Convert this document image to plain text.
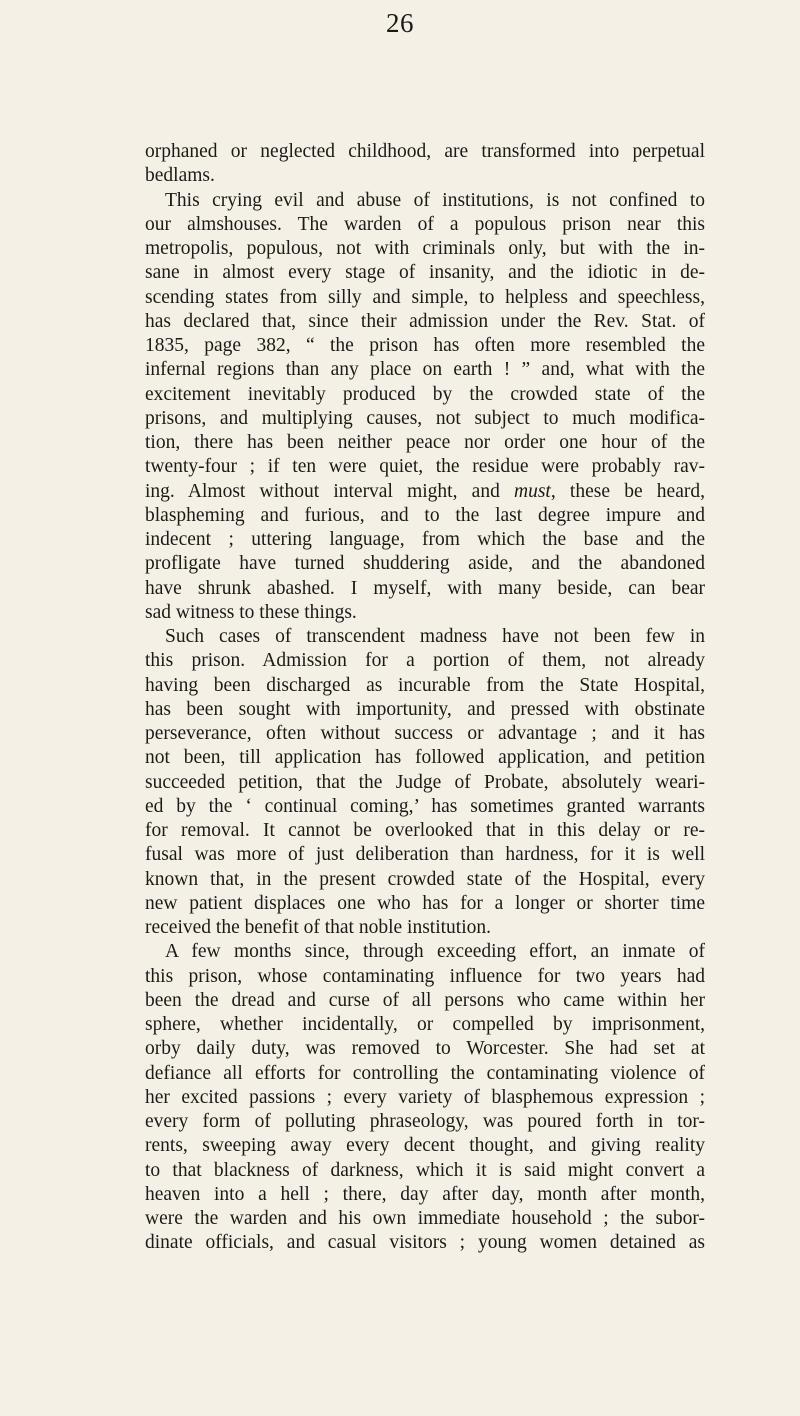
26
orphaned or neglected childhood, are transformed into perpetual
bedlams.
This crying evil and abuse of institutions, is not confined to
our almshouses. The warden of a populous prison near this
metropolis, populous, not with criminals only, but with the in-
sane in almost every stage of insanity, and the idiotic in de-
scending states from silly and simple, to helpless and speechless,
has declared that, since their admission under the Rev. Stat. of
1835, page 382, “ the prison has often more resembled the
infernal regions than any place on earth ! ” and, what with the
excitement inevitably produced by the crowded state of the
prisons, and multiplying causes, not subject to much modifica-
tion, there has been neither peace nor order one hour of the
twenty-four ; if ten were quiet, the residue were probably rav-
ing. Almost without interval might, and must, these be heard,
blaspheming and furious, and to the last degree impure and
indecent ; uttering language, from which the base and the
profligate have turned shuddering aside, and the abandoned
have shrunk abashed. I myself, with many beside, can bear
sad witness to these things.
Such cases of transcendent madness have not been few in
this prison. Admission for a portion of them, not already
having been discharged as incurable from the State Hospital,
has been sought with importunity, and pressed with obstinate
perseverance, often without success or advantage ; and it has
not been, till application has followed application, and petition
succeeded petition, that the Judge of Probate, absolutely weari-
ed by the ‘ continual coming,’ has sometimes granted warrants
for removal. It cannot be overlooked that in this delay or re-
fusal was more of just deliberation than hardness, for it is well
known that, in the present crowded state of the Hospital, every
new patient displaces one who has for a longer or shorter time
received the benefit of that noble institution.
A few months since, through exceeding effort, an inmate of
this prison, whose contaminating influence for two years had
been the dread and curse of all persons who came within her
sphere, whether incidentally, or compelled by imprisonment,
orby daily duty, was removed to Worcester. She had set at
defiance all efforts for controlling the contaminating violence of
her excited passions ; every variety of blasphemous expression ;
every form of polluting phraseology, was poured forth in tor-
rents, sweeping away every decent thought, and giving reality
to that blackness of darkness, which it is said might convert a
heaven into a hell ; there, day after day, month after month,
were the warden and his own immediate household ; the subor-
dinate officials, and casual visitors ; young women detained as
